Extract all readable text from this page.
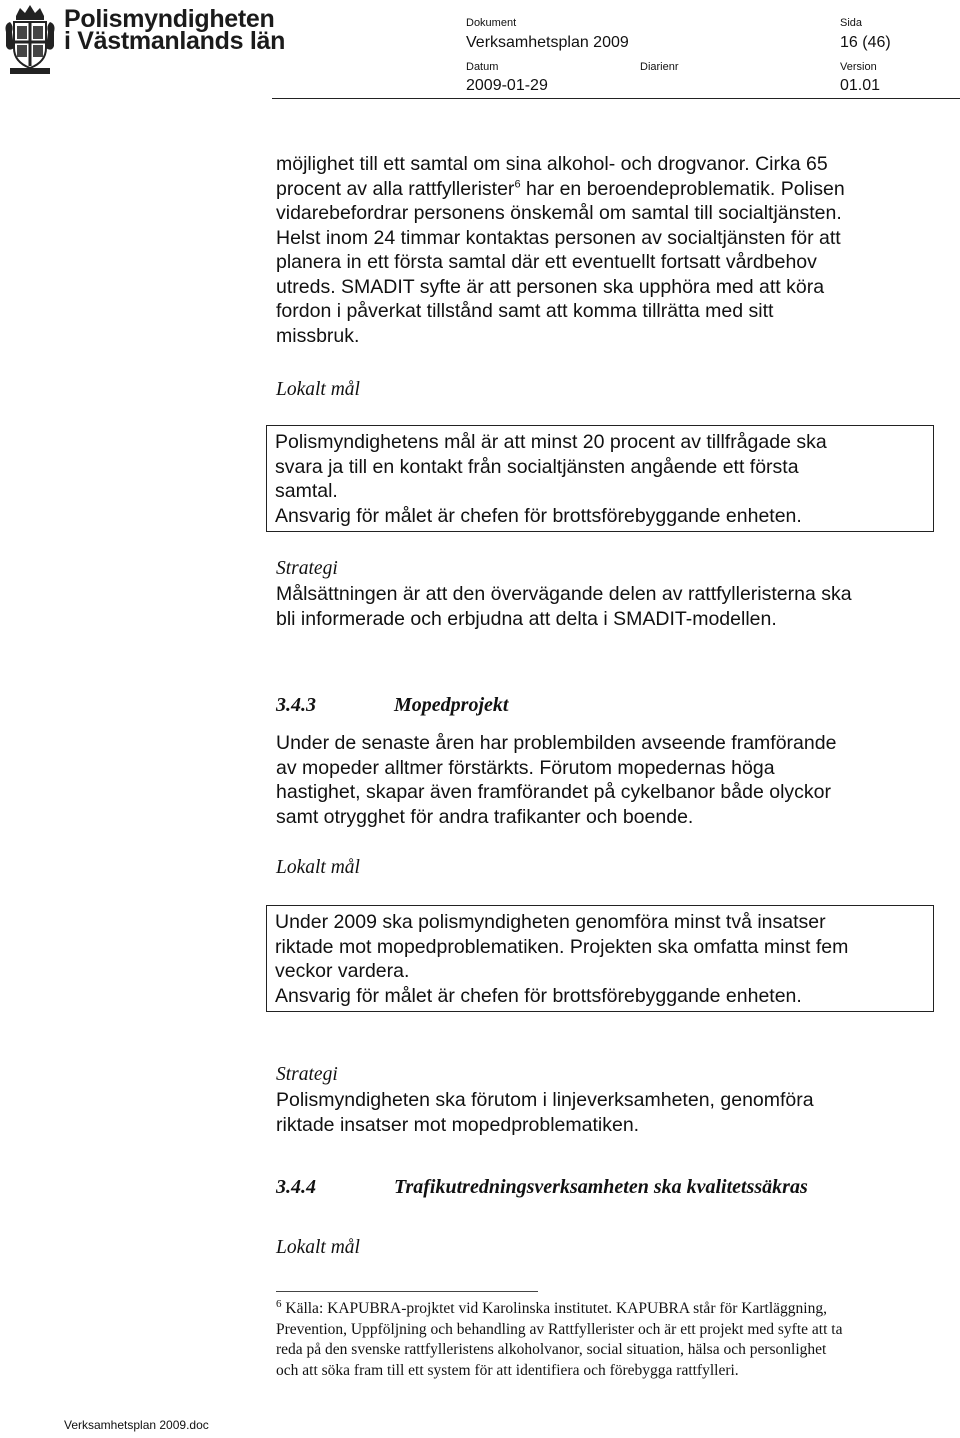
Polismyndigheten
i Västmanlands län
Dokument
Verksamhetsplan 2009
Sida
16 (46)
Datum
2009-01-29
Diarienr	Version
01.01
möjlighet till ett samtal om sina alkohol- och drogvanor. Cirka 65
procent av alla rattfyllerister$^6$ har en beroendeproblematik. Polisen
vidarebefordrar personens önskemål om samtal till socialtjänsten.
Helst inom 24 timmar kontaktas personen av socialtjänsten för att
planera in ett första samtal där ett eventuellt fortsatt vårdbehov
utreds. SMADIT syfte är att personen ska upphöra med att köra
fordon i påverkat tillstånd samt att komma tillrätta med sitt
missbruk.
Lokalt mål
Polismyndighetens mål är att minst 20 procent av tillfrågade ska
svara ja till en kontakt från socialtjänsten angående ett första
samtal.
Ansvarig för målet är chefen för brottsförebyggande enheten.
Strategi
Målsättningen är att den övervägande delen av rattfylleristerna ska
bli informerade och erbjudna att delta i SMADIT-modellen.
3.4.3	Mopedprojekt
Under de senaste åren har problembilden avseende framförande
av mopeder alltmer förstärkts. Förutom mopedernas höga
hastighet, skapar även framförandet på cykelbanor både olyckor
samt otrygghet för andra trafikanter och boende.
Lokalt mål
Under 2009 ska polismyndigheten genomföra minst två insatser
riktade mot mopedproblematiken. Projekten ska omfatta minst fem
veckor vardera.
Ansvarig för målet är chefen för brottsförebyggande enheten.
Strategi
Polismyndigheten ska förutom i linjeverksamheten, genomföra
riktade insatser mot mopedproblematiken.
3.4.4	Trafikutredningsverksamheten ska kvalitetssäkras
Lokalt mål
$^6$ Källa: KAPUBRA-projktet vid Karolinska institutet. KAPUBRA står för Kartläggning,
Prevention, Uppföljning och behandling av Rattfyllerister och är ett projekt med syfte att ta
reda på den svenske rattfylleristens alkoholvanor, social situation, hälsa och personlighet
och att söka fram till ett system för att identifiera och förebygga rattfylleri.
Verksamhetsplan 2009.doc
